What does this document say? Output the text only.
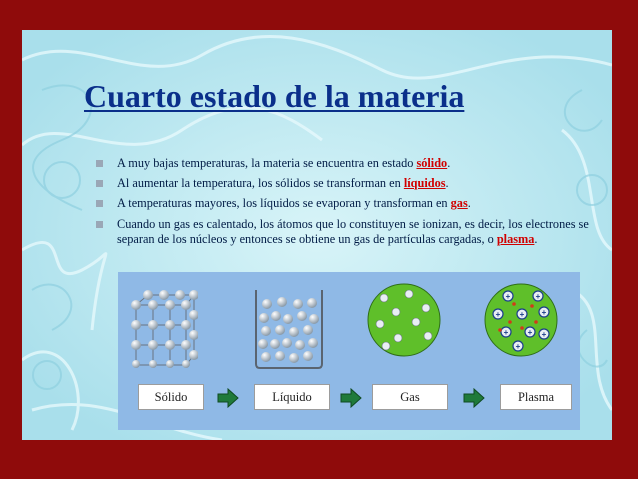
Cuarto estado de la materia
A muy bajas temperaturas, la materia se encuentra en estado sólido.
Al aumentar la temperatura, los sólidos se transforman en líquidos.
A temperaturas mayores, los líquidos se evaporan y transforman en gas.
Cuando un gas es calentado, los átomos que lo constituyen se ionizan, es decir, los electrones se separan de los núcleos y entonces se obtiene un gas de partículas cargadas, o plasma.
+	+
+ + +
+ + +
+
Sólido	Líquido	Gas	Plasma
